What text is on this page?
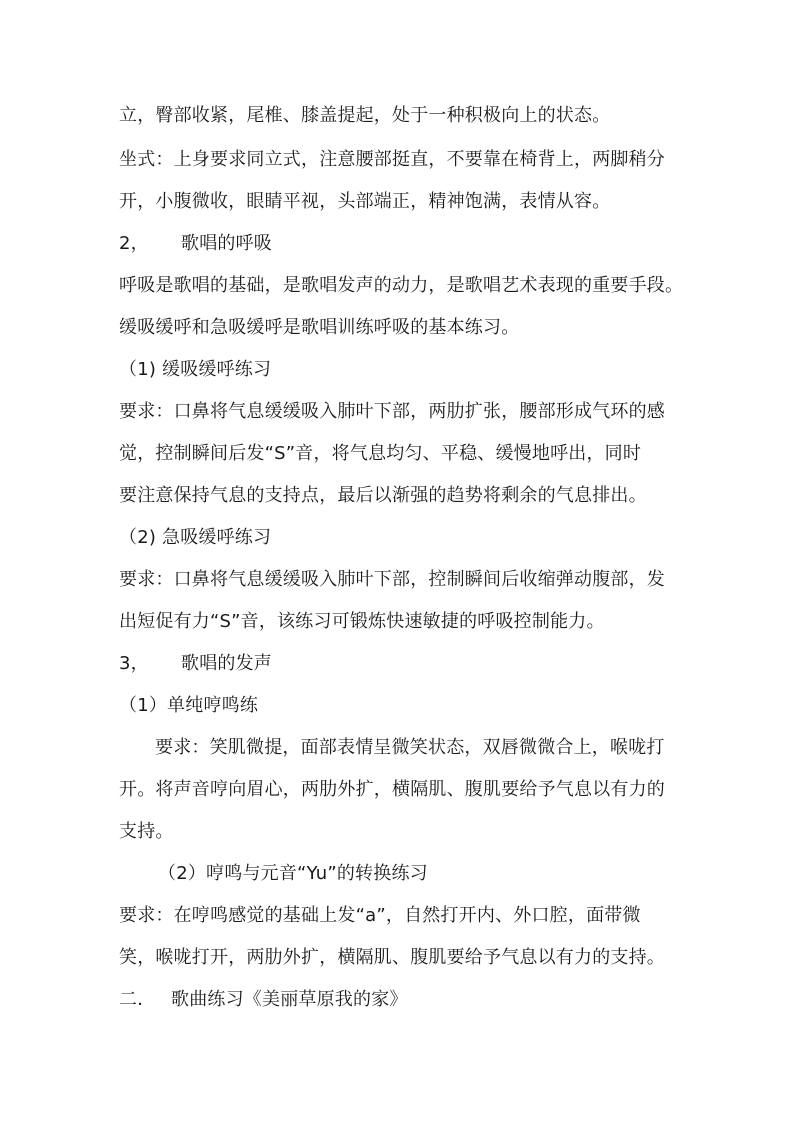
立，臀部收紧，尾椎、膝盖提起，处于一种积极向上的状态。
坐式：上身要求同立式，注意腰部挺直，不要靠在椅背上，两脚稍分
开，小腹微收，眼睛平视，头部端正，精神饱满，表情从容。
2， 歌唱的呼吸
呼吸是歌唱的基础，是歌唱发声的动力，是歌唱艺术表现的重要手段。
缓吸缓呼和急吸缓呼是歌唱训练呼吸的基本练习。
（1) 缓吸缓呼练习
要求：口鼻将气息缓缓吸入肺叶下部，两肋扩张，腰部形成气环的感
觉，控制瞬间后发“S”音，将气息均匀、平稳、缓慢地呼出，同时
要注意保持气息的支持点，最后以渐强的趋势将剩余的气息排出。
（2) 急吸缓呼练习
要求：口鼻将气息缓缓吸入肺叶下部，控制瞬间后收缩弹动腹部，发
出短促有力“S”音，该练习可锻炼快速敏捷的呼吸控制能力。
3， 歌唱的发声
（1）单纯哼鸣练
要求：笑肌微提，面部表情呈微笑状态，双唇微微合上，喉咙打
开。将声音哼向眉心，两肋外扩，横隔肌、腹肌要给予气息以有力的
支持。
（2）哼鸣与元音“Yu”的转换练习
要求：在哼鸣感觉的基础上发“a”，自然打开内、外口腔，面带微
笑，喉咙打开，两肋外扩，横隔肌、腹肌要给予气息以有力的支持。
二． 歌曲练习《美丽草原我的家》
